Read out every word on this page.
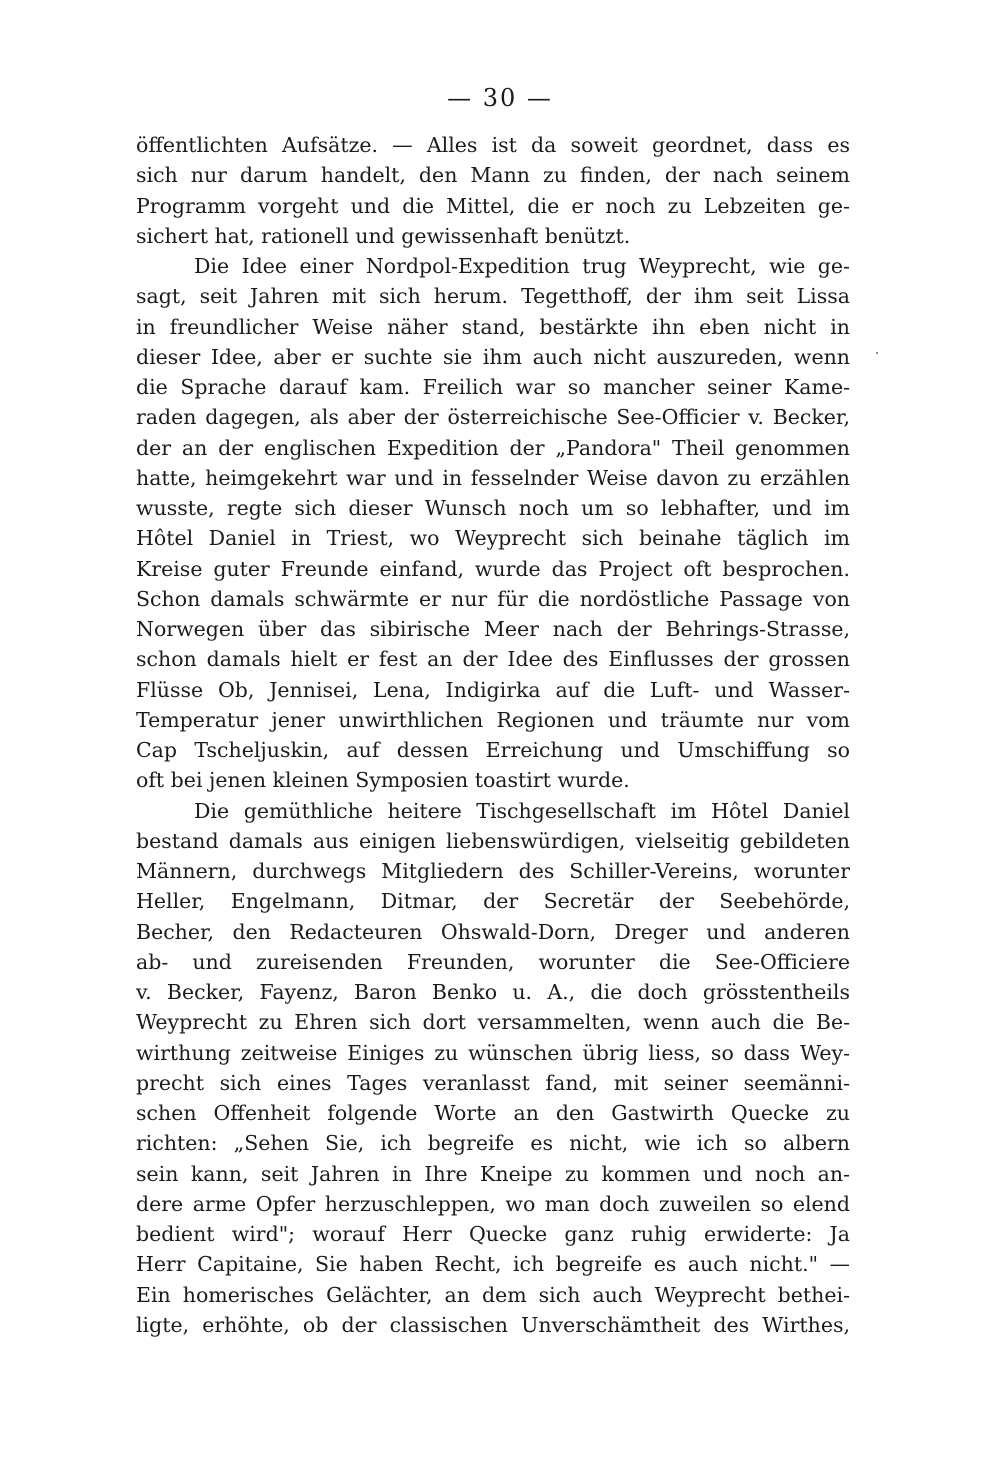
— 30 —
öffentlichten Aufsätze. — Alles ist da soweit geordnet, dass es
sich nur darum handelt, den Mann zu finden, der nach seinem
Programm vorgeht und die Mittel, die er noch zu Lebzeiten ge-
sichert hat, rationell und gewissenhaft benützt.
Die Idee einer Nordpol-Expedition trug Weyprecht, wie ge-
sagt, seit Jahren mit sich herum. Tegetthoff, der ihm seit Lissa
in freundlicher Weise näher stand, bestärkte ihn eben nicht in
dieser Idee, aber er suchte sie ihm auch nicht auszureden, wenn
die Sprache darauf kam. Freilich war so mancher seiner Kame-
raden dagegen, als aber der österreichische See-Officier v. Becker,
der an der englischen Expedition der „Pandora" Theil genommen
hatte, heimgekehrt war und in fesselnder Weise davon zu erzählen
wusste, regte sich dieser Wunsch noch um so lebhafter, und im
Hôtel Daniel in Triest, wo Weyprecht sich beinahe täglich im
Kreise guter Freunde einfand, wurde das Project oft besprochen.
Schon damals schwärmte er nur für die nordöstliche Passage von
Norwegen über das sibirische Meer nach der Behrings-Strasse,
schon damals hielt er fest an der Idee des Einflusses der grossen
Flüsse Ob, Jennisei, Lena, Indigirka auf die Luft- und Wasser-
Temperatur jener unwirthlichen Regionen und träumte nur vom
Cap Tscheljuskin, auf dessen Erreichung und Umschiffung so
oft bei jenen kleinen Symposien toastirt wurde.
Die gemüthliche heitere Tischgesellschaft im Hôtel Daniel
bestand damals aus einigen liebenswürdigen, vielseitig gebildeten
Männern, durchwegs Mitgliedern des Schiller-Vereins, worunter
Heller, Engelmann, Ditmar, der Secretär der Seebehörde,
Becher, den Redacteuren Ohswald-Dorn, Dreger und anderen
ab- und zureisenden Freunden, worunter die See-Officiere
v. Becker, Fayenz, Baron Benko u. A., die doch grösstentheils
Weyprecht zu Ehren sich dort versammelten, wenn auch die Be-
wirthung zeitweise Einiges zu wünschen übrig liess, so dass Wey-
precht sich eines Tages veranlasst fand, mit seiner seemänni-
schen Offenheit folgende Worte an den Gastwirth Quecke zu
richten: „Sehen Sie, ich begreife es nicht, wie ich so albern
sein kann, seit Jahren in Ihre Kneipe zu kommen und noch an-
dere arme Opfer herzuschleppen, wo man doch zuweilen so elend
bedient wird"; worauf Herr Quecke ganz ruhig erwiderte: Ja
Herr Capitaine, Sie haben Recht, ich begreife es auch nicht." —
Ein homerisches Gelächter, an dem sich auch Weyprecht bethei-
ligte, erhöhte, ob der classischen Unverschämtheit des Wirthes,
